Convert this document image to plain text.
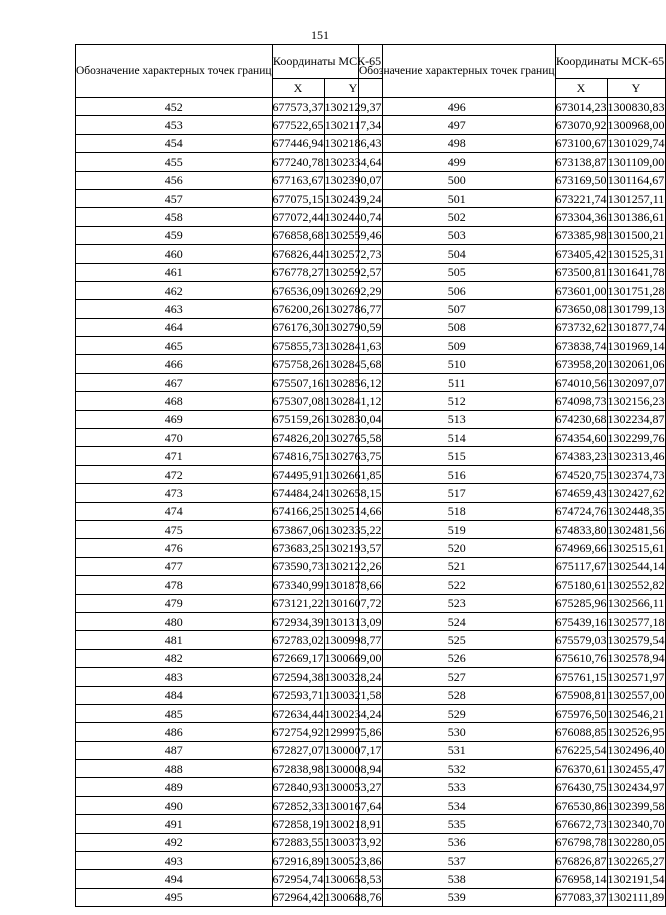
151
Обозначение характерных точек границ	Координаты МСК-65	
	X	Y
452	677573,37	1302129,37
453	677522,65	1302117,34
454	677446,94	1302186,43
455	677240,78	1302334,64
456	677163,67	1302390,07
457	677075,15	1302439,24
458	677072,44	1302440,74
459	676858,68	1302559,46
460	676826,44	1302572,73
461	676778,27	1302592,57
462	676536,09	1302692,29
463	676200,26	1302786,77
464	676176,30	1302790,59
465	675855,73	1302841,63
466	675758,26	1302845,68
467	675507,16	1302856,12
468	675307,08	1302841,12
469	675159,26	1302830,04
470	674826,20	1302765,58
471	674816,75	1302763,75
472	674495,91	1302661,85
473	674484,24	1302658,15
474	674166,25	1302514,66
475	673867,06	1302335,22
476	673683,25	1302193,57
477	673590,73	1302122,26
478	673340,99	1301878,66
479	673121,22	1301607,72
480	672934,39	1301313,09
481	672783,02	1300998,77
482	672669,17	1300669,00
483	672594,38	1300328,24
484	672593,71	1300321,58
485	672634,44	1300234,24
486	672754,92	1299975,86
487	672827,07	1300007,17
488	672838,98	1300008,94
489	672840,93	1300053,27
490	672852,33	1300167,64
491	672858,19	1300218,91
492	672883,55	1300373,92
493	672916,89	1300523,86
494	672954,74	1300658,53
495	672964,42	1300688,76
Обозначение характерных точек границ	Координаты МСК-65	
	X	Y
496	673014,23	1300830,83
497	673070,92	1300968,00
498	673100,67	1301029,74
499	673138,87	1301109,00
500	673169,50	1301164,67
501	673221,74	1301257,11
502	673304,36	1301386,61
503	673385,98	1301500,21
504	673405,42	1301525,31
505	673500,81	1301641,78
506	673601,00	1301751,28
507	673650,08	1301799,13
508	673732,62	1301877,74
509	673838,74	1301969,14
510	673958,20	1302061,06
511	674010,56	1302097,07
512	674098,73	1302156,23
513	674230,68	1302234,87
514	674354,60	1302299,76
515	674383,23	1302313,46
516	674520,75	1302374,73
517	674659,43	1302427,62
518	674724,76	1302448,35
519	674833,80	1302481,56
520	674969,66	1302515,61
521	675117,67	1302544,14
522	675180,61	1302552,82
523	675285,96	1302566,11
524	675439,16	1302577,18
525	675579,03	1302579,54
526	675610,76	1302578,94
527	675761,15	1302571,97
528	675908,81	1302557,00
529	675976,50	1302546,21
530	676088,85	1302526,95
531	676225,54	1302496,40
532	676370,61	1302455,47
533	676430,75	1302434,97
534	676530,86	1302399,58
535	676672,73	1302340,70
536	676798,78	1302280,05
537	676826,87	1302265,27
538	676958,14	1302191,54
539	677083,37	1302111,89
